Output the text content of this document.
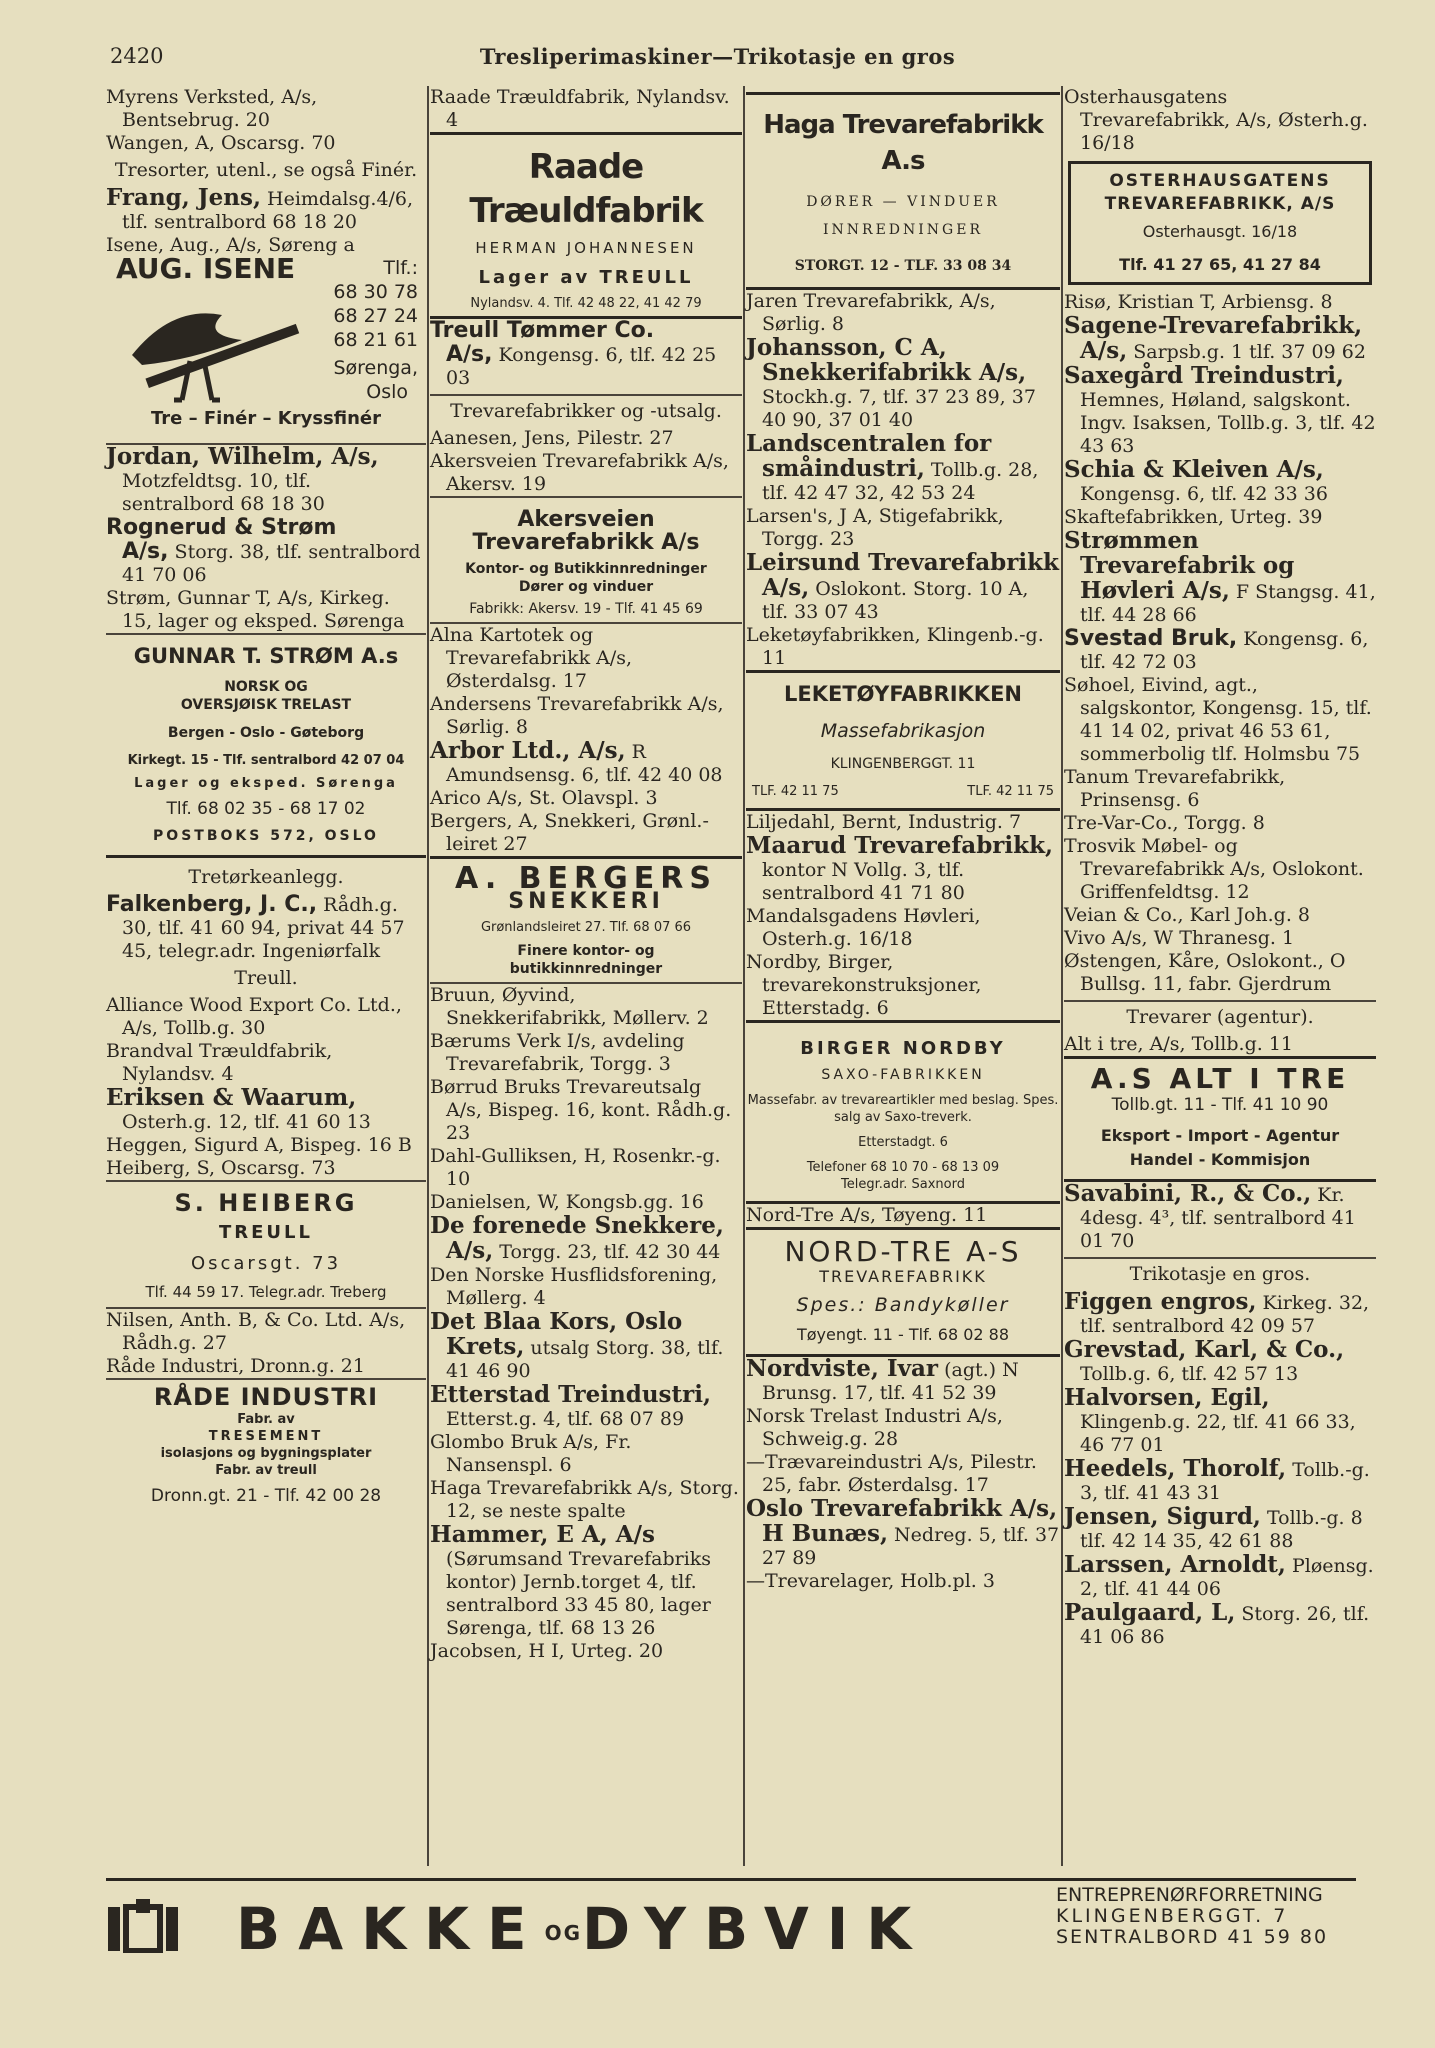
2420	Tresliperimaskiner—Trikotasje en gros

Myrens Verksted, A/s, Bentsebrug. 20

Wangen, A, Oscarsg. 70

Tresorter, utenl., se også Finér.

Frang, Jens, Heimdalsg.4/6, tlf. sentralbord 68 18 20

Isene, Aug., A/s, Søreng a

AUG. ISENE	Tlf.:
68 30 78
68 27 24
68 21 61
Sørenga,
Oslo
Tre – Finér – Kryssfinér

Jordan, Wilhelm, A/s, Motzfeldtsg. 10, tlf. sentralbord 68 18 30

Rognerud & Strøm
A/s, Storg. 38, tlf. sentralbord 41 70 06

Strøm, Gunnar T, A/s, Kirkeg. 15, lager og eksped. Sørenga

GUNNAR T. STRØM A.s
NORSK OG
OVERSJØISK TRELAST
Bergen - Oslo - Gøteborg
Kirkegt. 15 - Tlf. sentralbord 42 07 04
Lager og eksped. Sørenga
Tlf. 68 02 35 - 68 17 02
POSTBOKS 572, OSLO
Tretørkeanlegg.

Falkenberg, J. C., Rådh.g. 30, tlf. 41 60 94, privat 44 57 45, telegr.adr. Ingeniørfalk

Treull.

Alliance Wood Export Co. Ltd., A/s, Tollb.g. 30

Brandval Træuldfabrik, Nylandsv. 4

Eriksen & Waarum, Osterh.g. 12, tlf. 41 60 13

Heggen, Sigurd A, Bispeg. 16 B

Heiberg, S, Oscarsg. 73

S. HEIBERG
TREULL
Oscarsgt. 73
Tlf. 44 59 17. Telegr.adr. Treberg

Nilsen, Anth. B, & Co. Ltd. A/s, Rådh.g. 27

Råde Industri, Dronn.g. 21

RÅDE INDUSTRI
Fabr. av
TRESEMENT
isolasjons og bygningsplater
Fabr. av treull
Dronn.gt. 21 - Tlf. 42 00 28

Raade Træuldfabrik, Nylandsv. 4

Raade Træuldfabrik
HERMAN JOHANNESEN
Lager av TREULL
Nylandsv. 4. Tlf. 42 48 22, 41 42 79

Treull Tømmer Co.
A/s, Kongensg. 6, tlf. 42 25 03

Trevarefabrikker og -utsalg.

Aanesen, Jens, Pilestr. 27

Akersveien Trevarefabrikk A/s, Akersv. 19

Akersveien
Trevarefabrikk A/s
Kontor- og Butikkinnredninger
Dører og vinduer
Fabrikk: Akersv. 19 - Tlf. 41 45 69

Alna Kartotek og Trevarefabrikk A/s, Østerdalsg. 17

Andersens Trevarefabrikk A/s, Sørlig. 8

Arbor Ltd., A/s, R Amundsensg. 6, tlf. 42 40 08

Arico A/s, St. Olavspl. 3

Bergers, A, Snekkeri, Grønl.-leiret 27

A. BERGERS
SNEKKERI
Grønlandsleiret 27. Tlf. 68 07 66
Finere kontor- og
butikkinnredninger

Bruun, Øyvind, Snekkerifabrikk, Møllerv. 2

Bærums Verk I/s, avdeling Trevarefabrik, Torgg. 3

Børrud Bruks Trevareutsalg A/s, Bispeg. 16, kont. Rådh.g. 23

Dahl-Gulliksen, H, Rosenkr.-g. 10

Danielsen, W, Kongsb.gg. 16

De forenede Snekkere,
A/s, Torgg. 23, tlf. 42 30 44

Den Norske Husflidsforening, Møllerg. 4

Det Blaa Kors, Oslo
Krets, utsalg Storg. 38, tlf. 41 46 90

Etterstad Treindustri, Etterst.g. 4, tlf. 68 07 89

Glombo Bruk A/s, Fr. Nansenspl. 6

Haga Trevarefabrikk A/s, Storg. 12, se neste spalte

Hammer, E A, A/s (Sørumsand Trevarefabriks kontor) Jernb.torget 4, tlf. sentralbord 33 45 80, lager Sørenga, tlf. 68 13 26

Jacobsen, H I, Urteg. 20

Haga Trevarefabrikk A.s
DØRER — VINDUER
INNREDNINGER
STORGT. 12 - TLF. 33 08 34

Jaren Trevarefabrikk, A/s, Sørlig. 8

Johansson, C A, Snekkerifabrikk A/s, Stockh.g. 7, tlf. 37 23 89, 37 40 90, 37 01 40

Landscentralen for småindustri, Tollb.g. 28, tlf. 42 47 32, 42 53 24

Larsen's, J A, Stigefabrikk, Torgg. 23

Leirsund Trevarefabrikk A/s, Oslokont. Storg. 10 A, tlf. 33 07 43

Leketøyfabrikken, Klingenb.-g. 11

LEKETØYFABRIKKEN
Massefabrikasjon
KLINGENBERGGT. 11
TLF. 42 11 75	TLF. 42 11 75

Liljedahl, Bernt, Industrig. 7

Maarud Trevarefabrikk, kontor N Vollg. 3, tlf. sentralbord 41 71 80

Mandalsgadens Høvleri, Osterh.g. 16/18

Nordby, Birger, trevarekonstruksjoner, Etterstadg. 6

BIRGER NORDBY
SAXO-FABRIKKEN
Massefabr. av trevareartikler med beslag. Spes. salg av Saxo-treverk.
Etterstadgt. 6
Telefoner 68 10 70 - 68 13 09
Telegr.adr. Saxnord

Nord-Tre A/s, Tøyeng. 11

NORD-TRE A-S
TREVAREFABRIKK
Spes.: Bandykøller
Tøyengt. 11 - Tlf. 68 02 88

Nordviste, Ivar (agt.) N Brunsg. 17, tlf. 41 52 39

Norsk Trelast Industri A/s, Schweig.g. 28

—Trævareindustri A/s, Pilestr. 25, fabr. Østerdalsg. 17

Oslo Trevarefabrikk A/s,
H Bunæs, Nedreg. 5, tlf. 37 27 89

—Trevarelager, Holb.pl. 3

Osterhausgatens Trevarefabrikk, A/s, Østerh.g. 16/18

OSTERHAUSGATENS
TREVAREFABRIKK, A/S
Osterhausgt. 16/18
Tlf. 41 27 65, 41 27 84

Risø, Kristian T, Arbiensg. 8

Sagene-Trevarefabrikk,
A/s, Sarpsb.g. 1 tlf. 37 09 62

Saxegård Treindustri, Hemnes, Høland, salgskont. Ingv. Isaksen, Tollb.g. 3, tlf. 42 43 63

Schia & Kleiven A/s, Kongensg. 6, tlf. 42 33 36

Skaftefabrikken, Urteg. 39

Strømmen Trevarefabrik og Høvleri A/s, F Stangsg. 41, tlf. 44 28 66

Svestad Bruk, Kongensg. 6, tlf. 42 72 03

Søhoel, Eivind, agt., salgskontor, Kongensg. 15, tlf. 41 14 02, privat 46 53 61, sommerbolig tlf. Holmsbu 75

Tanum Trevarefabrikk, Prinsensg. 6

Tre-Var-Co., Torgg. 8

Trosvik Møbel- og Trevarefabrikk A/s, Oslokont. Griffenfeldtsg. 12

Veian & Co., Karl Joh.g. 8

Vivo A/s, W Thranesg. 1

Østengen, Kåre, Oslokont., O Bullsg. 11, fabr. Gjerdrum

Trevarer (agentur).

Alt i tre, A/s, Tollb.g. 11

A.S ALT I TRE
Tollb.gt. 11 - Tlf. 41 10 90
Eksport - Import - Agentur
Handel - Kommisjon

Savabini, R., & Co., Kr. 4desg. 4³, tlf. sentralbord 41 01 70

Trikotasje en gros.

Figgen engros, Kirkeg. 32, tlf. sentralbord 42 09 57

Grevstad, Karl, & Co., Tollb.g. 6, tlf. 42 57 13

Halvorsen, Egil, Klingenb.g. 22, tlf. 41 66 33, 46 77 01

Heedels, Thorolf, Tollb.-g. 3, tlf. 41 43 31

Jensen, Sigurd, Tollb.-g. 8 tlf. 42 14 35, 42 61 88

Larssen, Arnoldt, Pløensg. 2, tlf. 41 44 06

Paulgaard, L, Storg. 26, tlf. 41 06 86

BAKKEOGDYBVIK	ENTREPRENØRFORRETNING
KLINGENBERGGT. 7
SENTRALBORD 41 59 80
